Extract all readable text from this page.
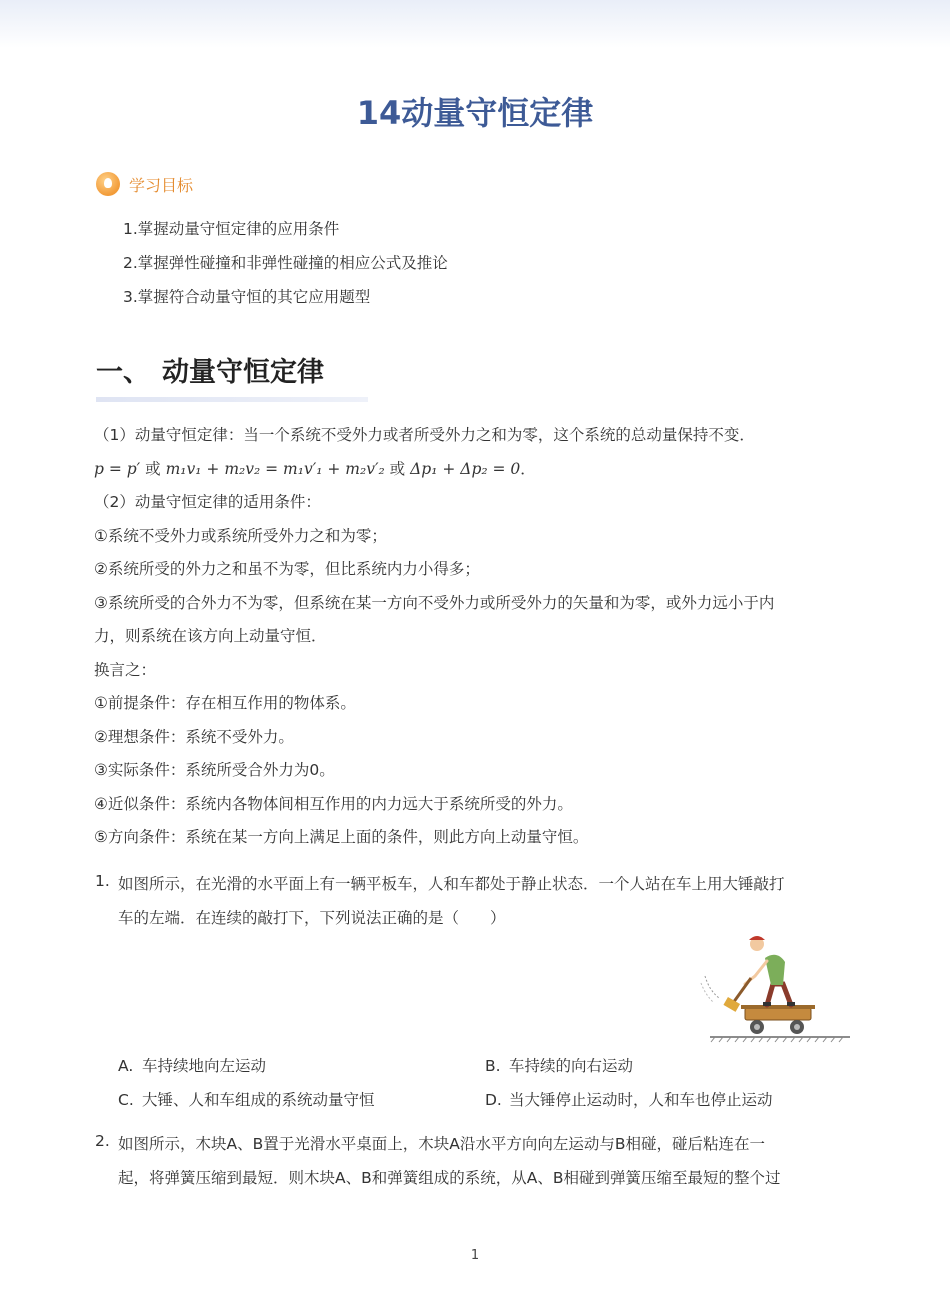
14动量守恒定律
学习目标
1.掌握动量守恒定律的应用条件
2.掌握弹性碰撞和非弹性碰撞的相应公式及推论
3.掌握符合动量守恒的其它应用题型
一、 动量守恒定律
（1）动量守恒定律：当一个系统不受外力或者所受外力之和为零，这个系统的总动量保持不变．
p = p′ 或 m₁v₁ + m₂v₂ = m₁v′₁ + m₂v′₂ 或 Δp₁ + Δp₂ = 0．
（2）动量守恒定律的适用条件：
①系统不受外力或系统所受外力之和为零；
②系统所受的外力之和虽不为零，但比系统内力小得多；
③系统所受的合外力不为零，但系统在某一方向不受外力或所受外力的矢量和为零，或外力远小于内
力，则系统在该方向上动量守恒．
换言之：
①前提条件：存在相互作用的物体系。
②理想条件：系统不受外力。
③实际条件：系统所受合外力为0。
④近似条件：系统内各物体间相互作用的内力远大于系统所受的外力。
⑤方向条件：系统在某一方向上满足上面的条件，则此方向上动量守恒。
1. 如图所示，在光滑的水平面上有一辆平板车，人和车都处于静止状态．一个人站在车上用大锤敲打
车的左端．在连续的敲打下，下列说法正确的是（　　）
A. 车持续地向左运动	B. 车持续的向右运动
C. 大锤、人和车组成的系统动量守恒	D. 当大锤停止运动时，人和车也停止运动
2. 如图所示，木块A、B置于光滑水平桌面上，木块A沿水平方向向左运动与B相碰，碰后粘连在一
起，将弹簧压缩到最短．则木块A、B和弹簧组成的系统，从A、B相碰到弹簧压缩至最短的整个过
1
